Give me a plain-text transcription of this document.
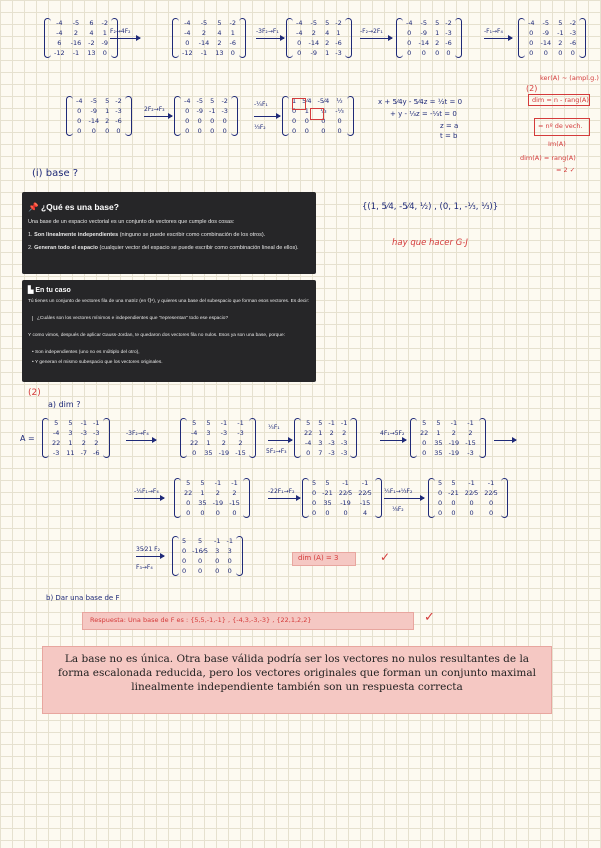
-4	-5	6	-2
-4	2	4	1
6	-16	-2	-9
-12	-1	13	0
F₂→4F₂
-4	-5	5	-2
-4	2	4	1
0	-14	2	-6
-12	-1	13	0
-3F₂→F₁
-4	-5	5	-2
-4	2	4	1
0	-14	2	-6
0	-9	1	-3
-F₂→2F₁
-4	-5	5	-2
0	-9	1	-3
0	-14	2	-6
0	0	0	0
-F₁→F₄
-4	-5	5	-2
0	-9	-1	-3
0	-14	2	-6
0	0	0	0
-4	-5	5	-2
0	-9	1	-3
0	-14	2	-6
0	0	0	0
2F₂→F₃
-4	-5	5	-2
0	-9	-1	-3
0	0	0	0
0	0	0	0
-¼F₁
⅓F₂
1	5⁄4	-5⁄4	½
0	1	⅓	-⅓
0	0	0	0
0	0	0	0
x + 5⁄4y - 5⁄4z = ½t = 0
+ y - ⅓z = -⅓t = 0
z = a
t = b
(2)
ker(A) ∼ (ampl.g.)
dim = n - rang(A)
= nº de vech.
Im(A)
dim(A) = rang(A)
= 2 ✓
(i) base ?
{(1, 5⁄4, -5⁄4, ½) , (0, 1, -⅓, ⅓)}
hay que hacer G-J
📌 ¿Qué es una base?
Una base de un espacio vectorial es un conjunto de vectores que cumple dos cosas:
1. Son linealmente independientes (ninguno se puede escribir como combinación de los otros).
2. Generan todo el espacio (cualquier vector del espacio se puede escribir como combinación lineal de ellos).
▙ En tu caso
Tú tienes un conjunto de vectores fila de una matriz (en ℚ⁴), y quieres una base del subespacio que forman esos vectores. Es decir:
¿Cuáles son los vectores mínimos e independientes que "representan" todo ese espacio?
Y como vimos, después de aplicar Gauss-Jordan, te quedaron dos vectores fila no nulos. Esos ya son una base, porque:
• Son independientes (uno no es múltiplo del otro),
• Y generan el mismo subespacio que los vectores originales.
(2)
a) dim ?
A =
5	5	-1	-1
-4	3	-3	-3
22	1	2	2
-3	11	-7	-6
-3F₂→F₄
5	5	-1	-1
-4	3	-3	-3
22	1	2	2
0	35	-19	-15
⅕F₁
5F₂→F₃
5	5	-1	-1
22	1	2	2
-4	3	-3	-3
0	7	-3	-3
4F₁→5F₂
5	5	-1	-1
22	1	2	2
0	35	-19	-15
0	35	-19	-3
-⅕F₁→F₄
5	5	-1	-1
22	1	2	2
0	35	-19	-15
0	0	0	0
-22F₁→F₂
5	5	-1	-1
0	-21	22⁄5	22⁄5
0	35	-19	-15
0	0	0	4
⅕F₁→⅓F₂
⅛F₂
5	5	-1	-1
0	-21	22⁄5	22⁄5
0	0	0	0
0	0	0	0
35⁄21 F₂
F₃→F₄
5	5	-1	-1
0	-16⁄5	3	3
0	0	0	0
0	0	0	0
dim (A) = 3	✓
b) Dar una base de F
Respuesta: Una base de F es : {5,5,-1,-1} , {-4,3,-3,-3} , {22,1,2,2}	✓
La base no es única. Otra base válida podría ser los vectores no nulos resultantes de la forma escalonada reducida, pero los vectores originales que forman un conjunto maximal linealmente independiente también son un respuesta correcta
